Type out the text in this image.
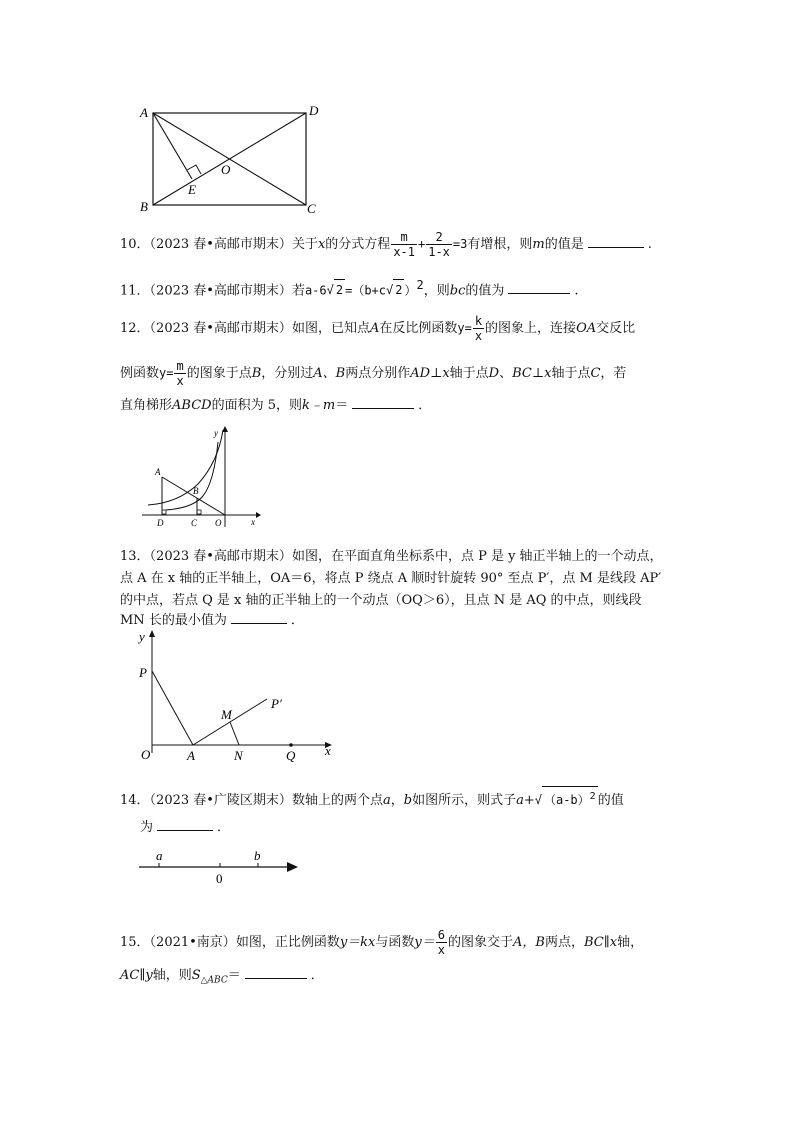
A	D
B	C
E
O
10．（2023 春•高邮市期末）关于x的分式方程 $\frac{m}{x-1} + \frac{2}{1-x} =3$有增根，则m的值是	.
11．（2023 春•高邮市期末）若a-6√ 2 =（b+c√ 2 ）$^2$，则bc的值为	.
12．（2023 春•高邮市期末）如图，已知点A在反比例函数$y= \frac{k}{x}$ 的图象上，连接OA交反比
例函数$y= \frac{m}{x}$ 的图象于点B，分别过A、B两点分别作AD⊥x轴于点D、BC⊥x轴于点C，若
直角梯形ABCD的面积为 5，则k﹣m＝	．
y
x
A
B
D	C O
13．（2023 春•高邮市期末）如图，在平面直角坐标系中，点 P 是 y 轴正半轴上的一个动点，
点 A 在 x 轴的正半轴上，OA＝6，将点 P 绕点 A 顺时针旋转 90° 至点 P′，点 M 是线段 AP′
的中点，若点 Q 是 x 轴的正半轴上的一个动点（OQ＞6），且点 N 是 AQ 的中点，则线段
MN 长的最小值为	．
y
P
M
P′
O	A	N	Q x
14．（2023 春•广陵区期末）数轴上的两个点a，b如图所示，则式子a+√ $(a-b)^2$ 的值
为	．
a	b
0
15．（2021•南京）如图，正比例函数y＝kx与函数$y= \frac{6}{x}$ 的图象交于A，B两点，BC∥x轴，
AC∥y轴，则$S_{\triangle ABC}=$	．
